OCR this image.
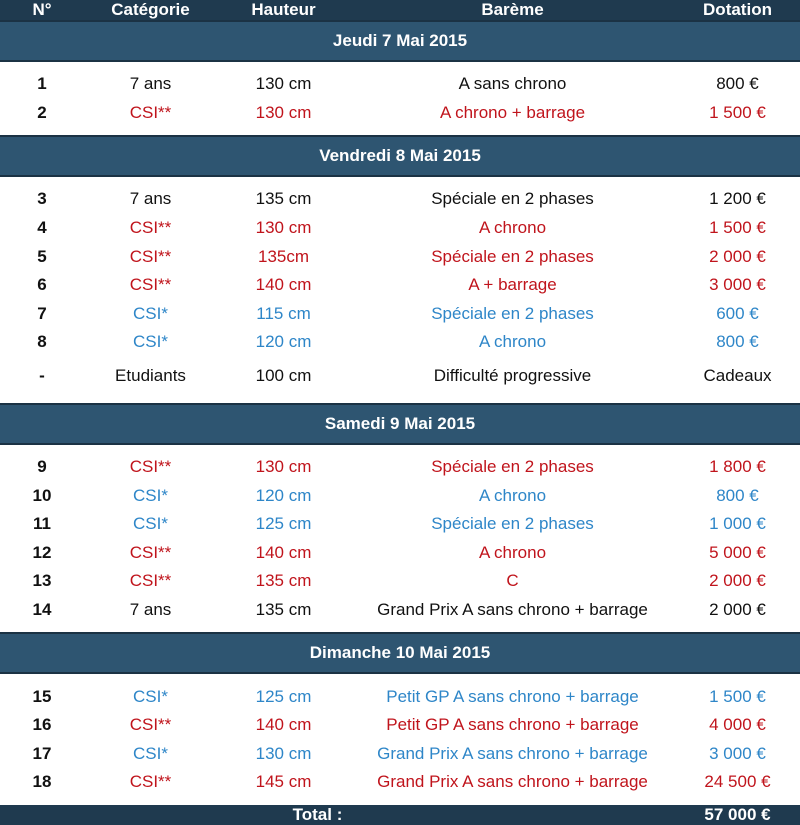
N°	Catégorie	Hauteur	Barème	Dotation
Jeudi 7 Mai 2015
1	7 ans	130 cm	A sans chrono	800 €
2	CSI**	130 cm	A chrono + barrage	1 500 €
Vendredi 8 Mai 2015
3	7 ans	135 cm	Spéciale en 2 phases	1 200 €
4	CSI**	130 cm	A chrono	1 500 €
5	CSI**	135cm	Spéciale en 2 phases	2 000 €
6	CSI**	140 cm	A + barrage	3 000 €
7	CSI*	115 cm	Spéciale en 2 phases	600 €
8	CSI*	120 cm	A chrono	800 €
-	Etudiants	100 cm	Difficulté progressive	Cadeaux
Samedi 9 Mai 2015
9	CSI**	130 cm	Spéciale en 2 phases	1 800 €
10	CSI*	120 cm	A chrono	800 €
11	CSI*	125 cm	Spéciale en 2 phases	1 000 €
12	CSI**	140 cm	A chrono	5 000 €
13	CSI**	135 cm	C	2 000 €
14	7 ans	135 cm	Grand Prix A sans chrono + barrage	2 000 €
Dimanche 10 Mai 2015
15	CSI*	125 cm	Petit GP A sans chrono + barrage	1 500 €
16	CSI**	140 cm	Petit GP A sans chrono + barrage	4 000 €
17	CSI*	130 cm	Grand Prix A sans chrono + barrage	3 000 €
18	CSI**	145 cm	Grand Prix A sans chrono + barrage	24 500 €
Total :	57 000 €
